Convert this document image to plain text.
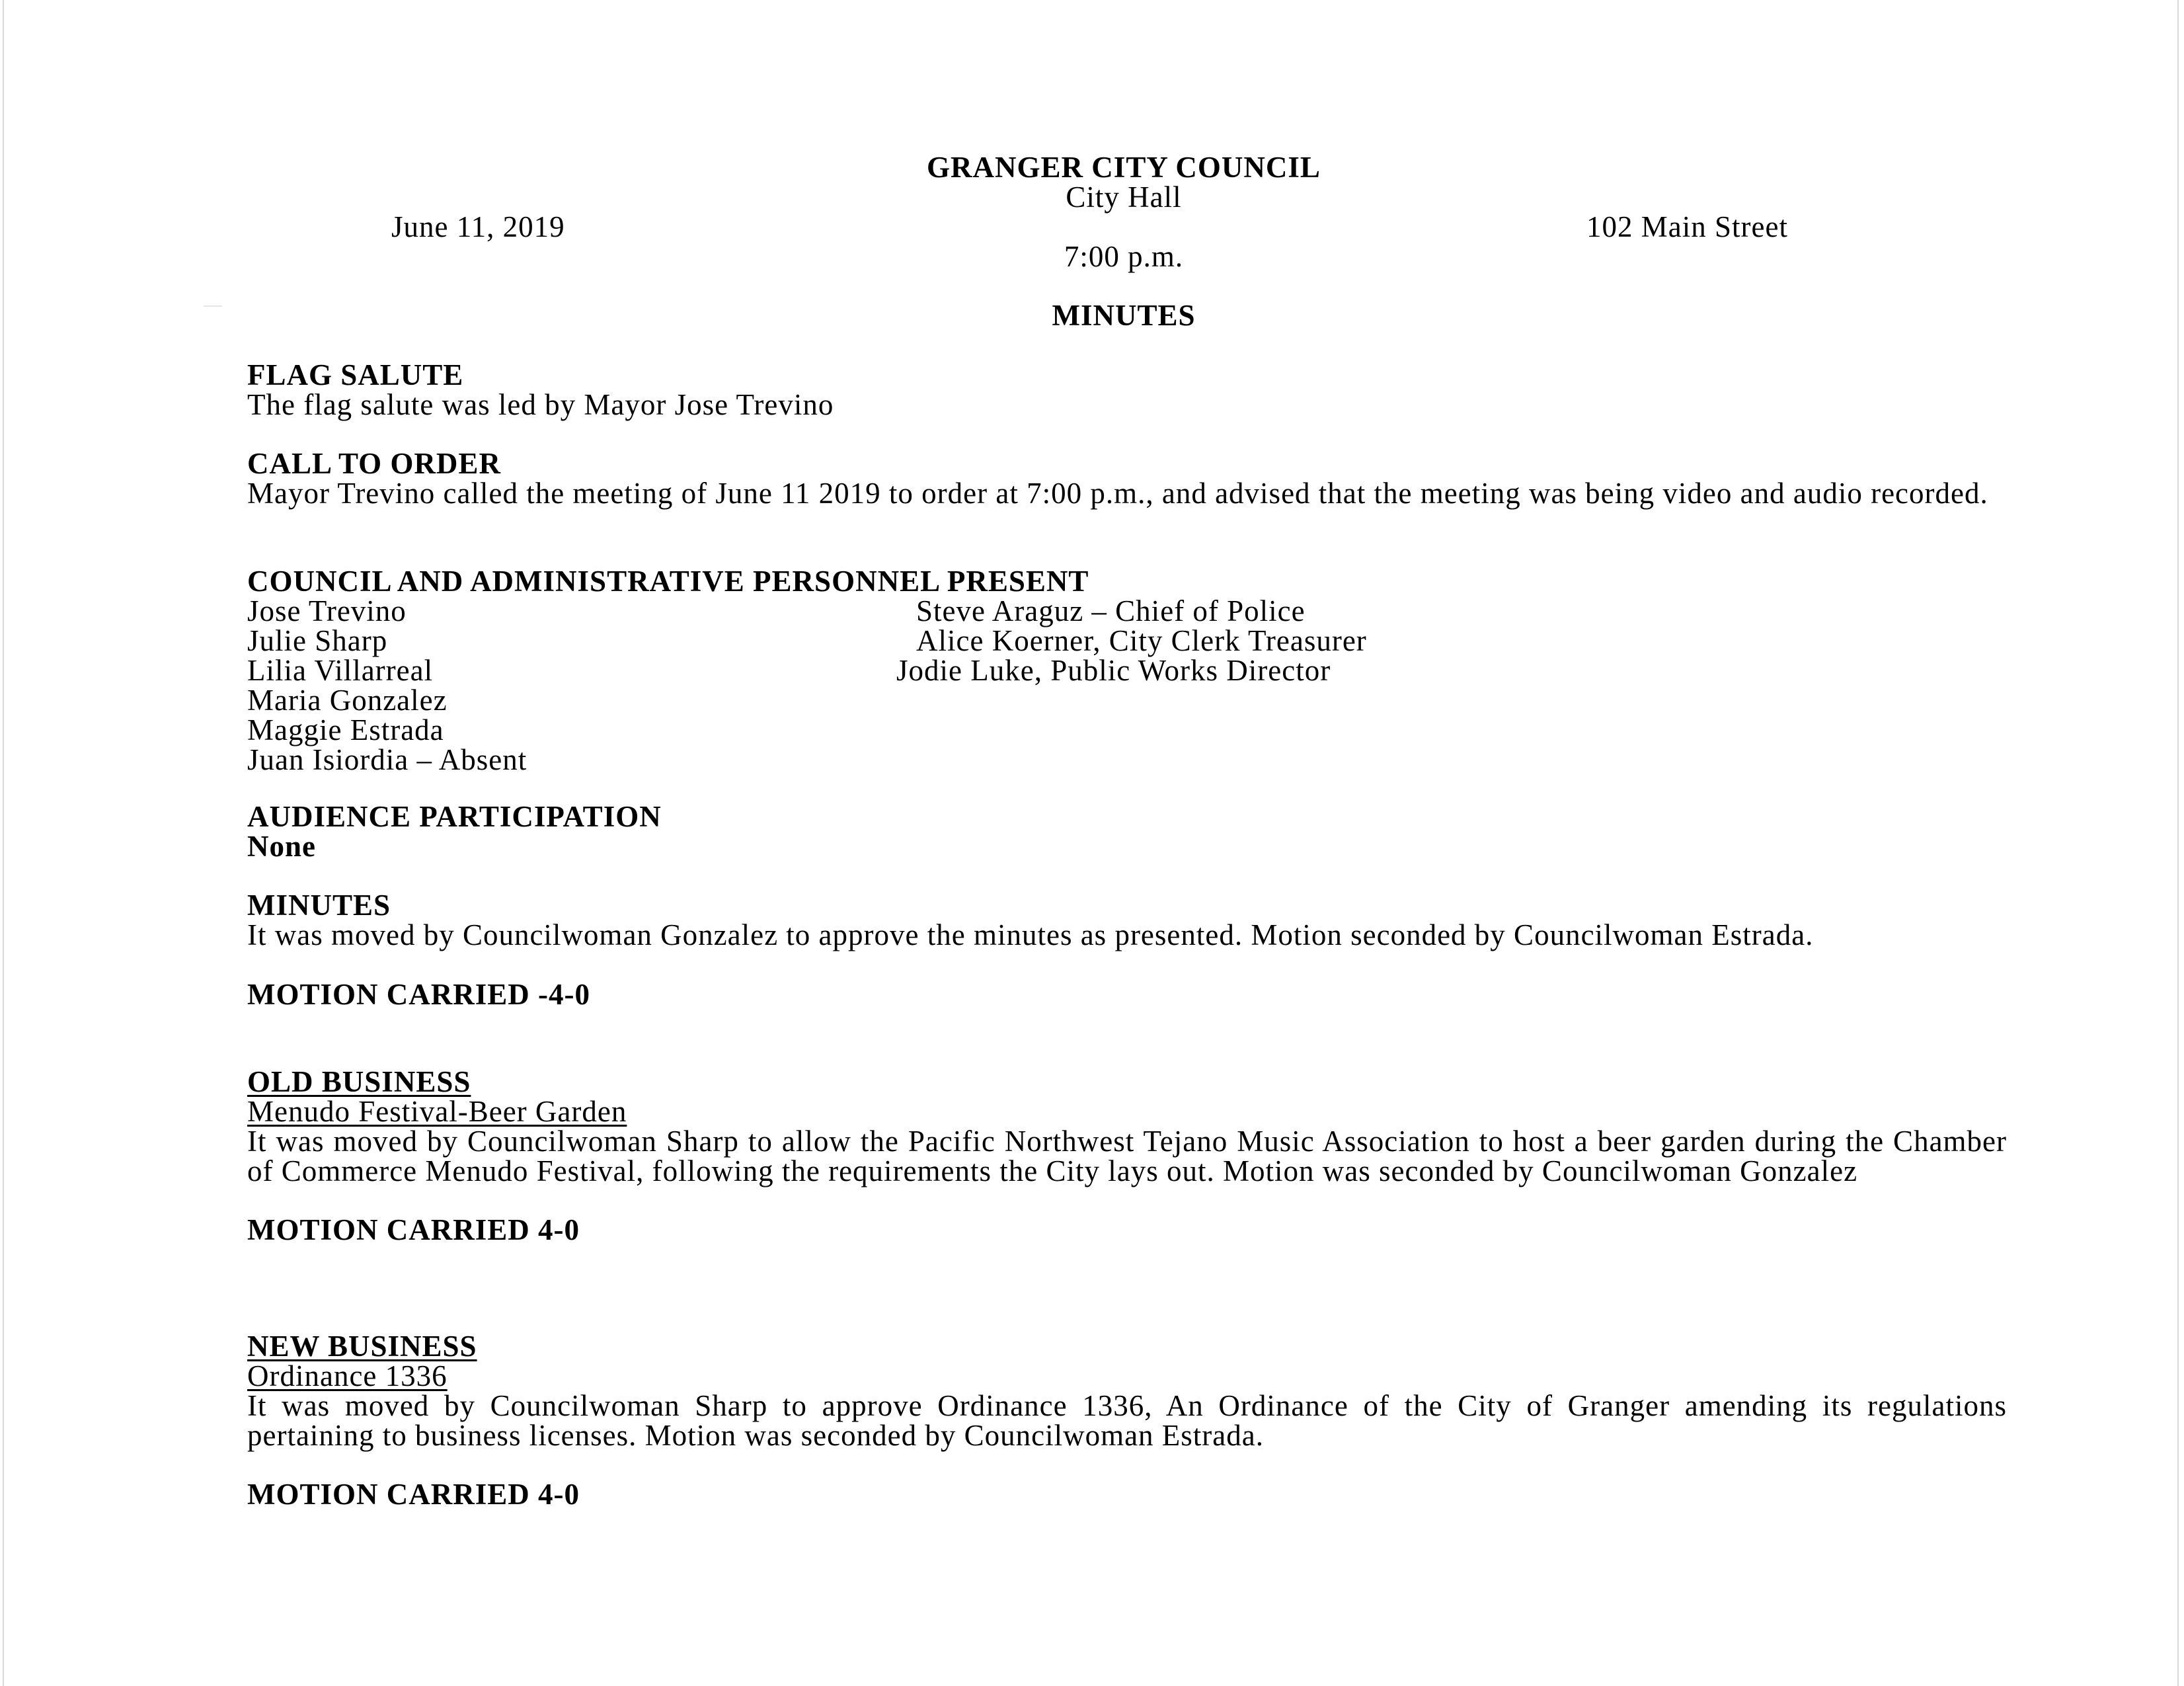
GRANGER CITY COUNCIL
City Hall
June 11, 2019	102 Main Street
7:00 p.m.
MINUTES
FLAG SALUTE
The flag salute was led by Mayor Jose Trevino
CALL TO ORDER
Mayor Trevino called the meeting of June 11 2019 to order at 7:00 p.m., and advised that the meeting was being video and audio recorded.
COUNCIL AND ADMINISTRATIVE PERSONNEL PRESENT
Jose Trevino
Julie Sharp
Lilia Villarreal
Maria Gonzalez
Maggie Estrada
Juan Isiordia – Absent
Steve Araguz – Chief of Police
Alice Koerner, City Clerk Treasurer
Jodie Luke, Public Works Director
AUDIENCE PARTICIPATION
None
MINUTES
It was moved by Councilwoman Gonzalez to approve the minutes as presented. Motion seconded by Councilwoman Estrada.
MOTION CARRIED -4-0
OLD BUSINESS
Menudo Festival-Beer Garden
It was moved by Councilwoman Sharp to allow the Pacific Northwest Tejano Music Association to host a beer garden during the Chamber of Commerce Menudo Festival, following the requirements the City lays out. Motion was seconded by Councilwoman Gonzalez
MOTION CARRIED 4-0
NEW BUSINESS
Ordinance 1336
It was moved by Councilwoman Sharp to approve Ordinance 1336, An Ordinance of the City of Granger amending its regulations pertaining to business licenses. Motion was seconded by Councilwoman Estrada.
MOTION CARRIED 4-0
